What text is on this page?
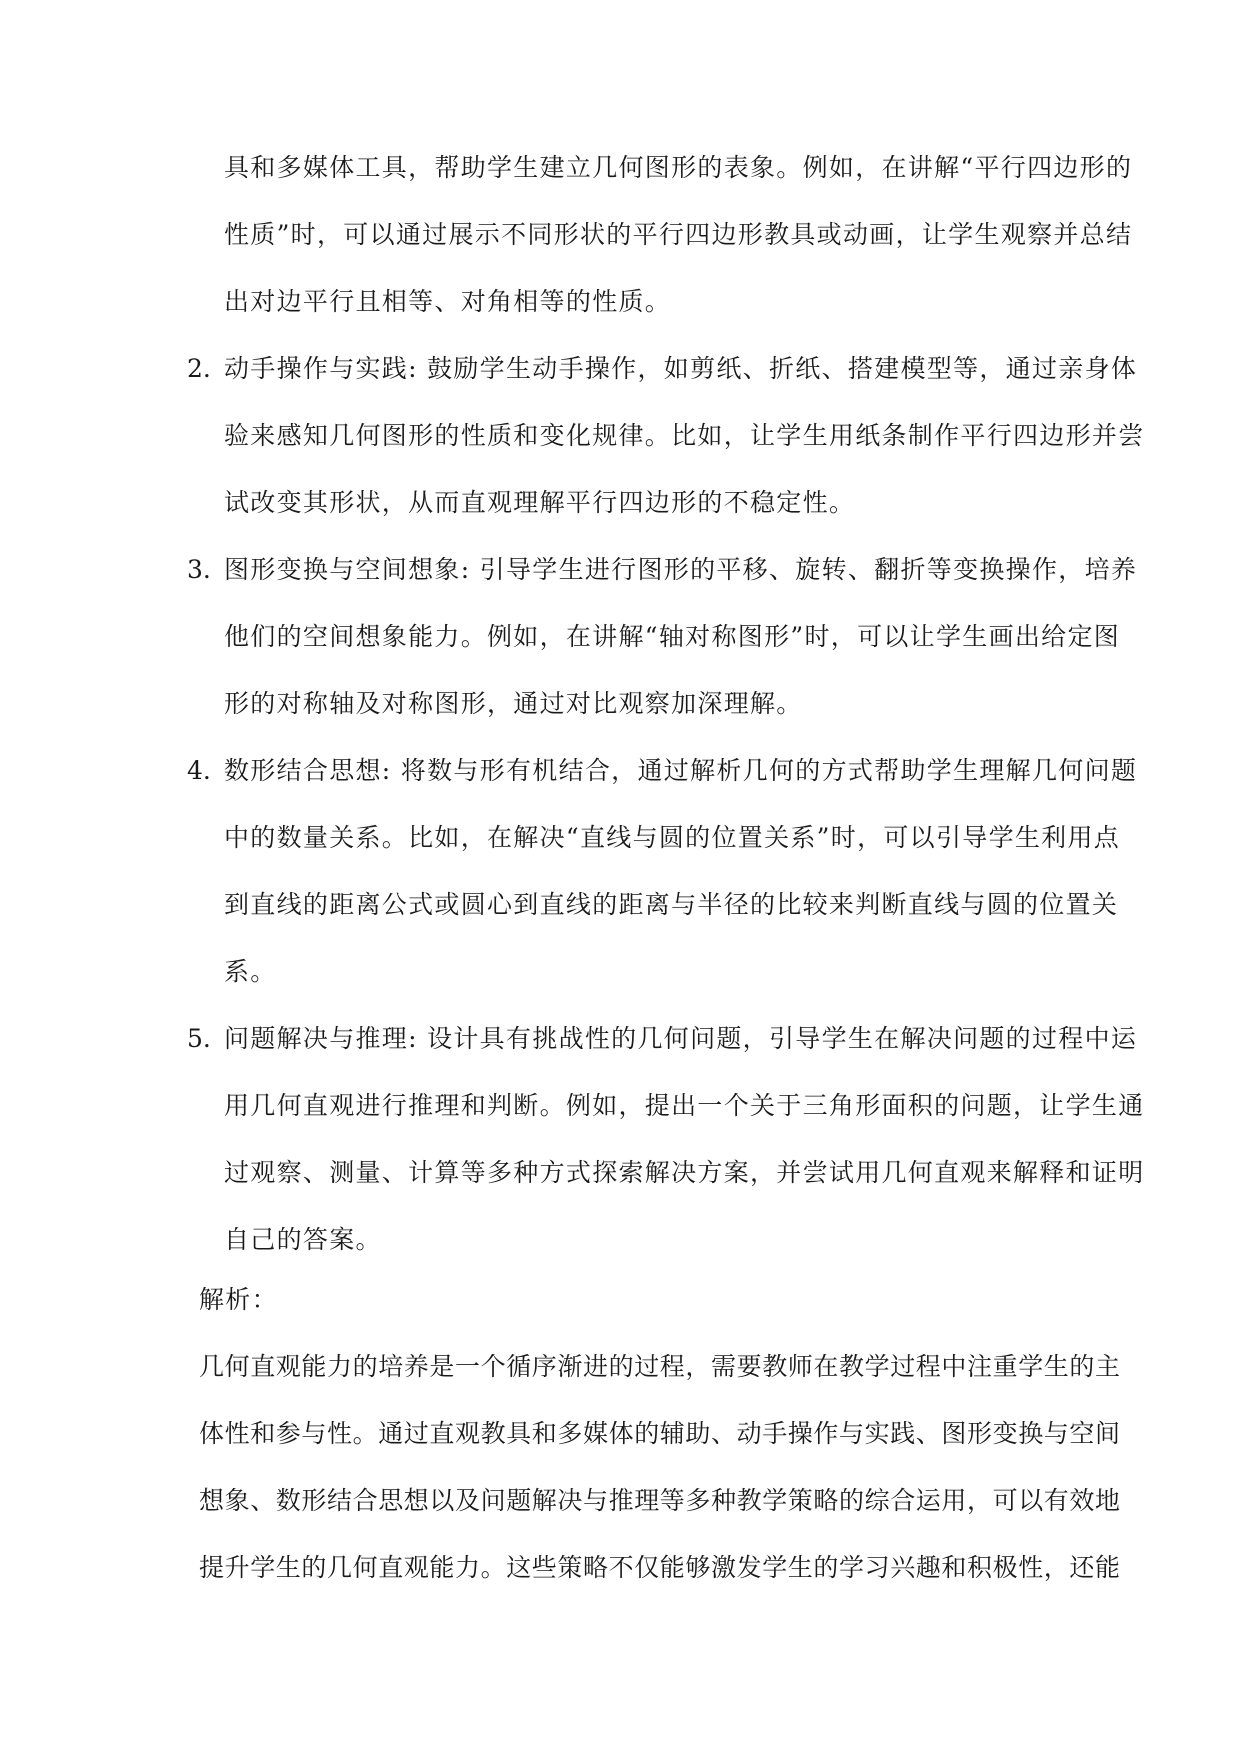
具和多媒体工具，帮助学生建立几何图形的表象。例如，在讲解“平行四边形的
性质”时，可以通过展示不同形状的平行四边形教具或动画，让学生观察并总结
出对边平行且相等、对角相等的性质。
2. 动手操作与实践: 鼓励学生动手操作，如剪纸、折纸、搭建模型等，通过亲身体
验来感知几何图形的性质和变化规律。比如，让学生用纸条制作平行四边形并尝
试改变其形状，从而直观理解平行四边形的不稳定性。
3. 图形变换与空间想象: 引导学生进行图形的平移、旋转、翻折等变换操作，培养
他们的空间想象能力。例如，在讲解“轴对称图形”时，可以让学生画出给定图
形的对称轴及对称图形，通过对比观察加深理解。
4. 数形结合思想: 将数与形有机结合，通过解析几何的方式帮助学生理解几何问题
中的数量关系。比如，在解决“直线与圆的位置关系”时，可以引导学生利用点
到直线的距离公式或圆心到直线的距离与半径的比较来判断直线与圆的位置关
系。
5. 问题解决与推理: 设计具有挑战性的几何问题，引导学生在解决问题的过程中运
用几何直观进行推理和判断。例如，提出一个关于三角形面积的问题，让学生通
过观察、测量、计算等多种方式探索解决方案，并尝试用几何直观来解释和证明
自己的答案。
解析：
几何直观能力的培养是一个循序渐进的过程，需要教师在教学过程中注重学生的主
体性和参与性。通过直观教具和多媒体的辅助、动手操作与实践、图形变换与空间
想象、数形结合思想以及问题解决与推理等多种教学策略的综合运用，可以有效地
提升学生的几何直观能力。这些策略不仅能够激发学生的学习兴趣和积极性，还能
